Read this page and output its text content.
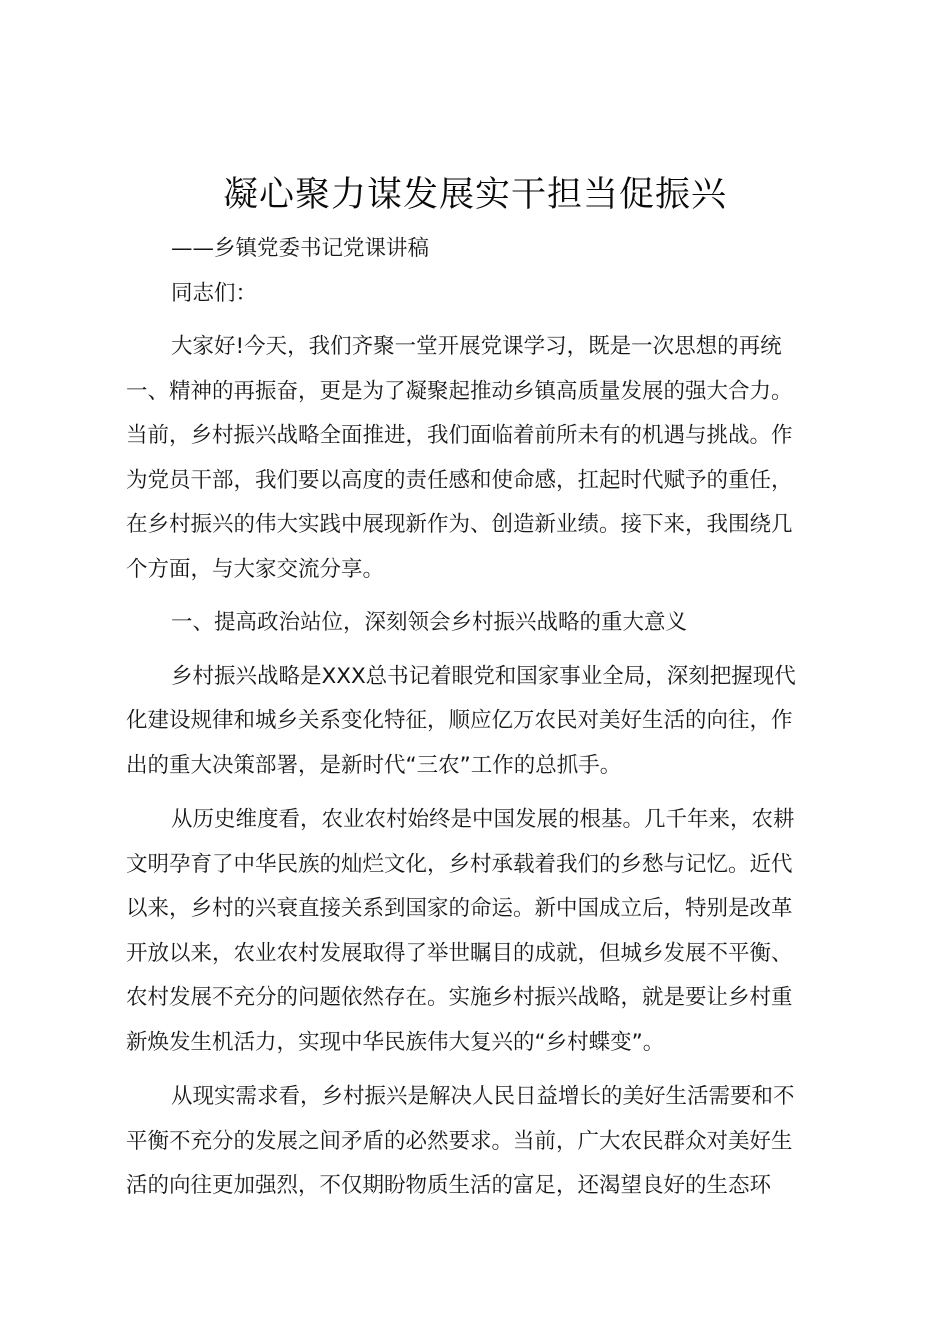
凝心聚力谋发展实干担当促振兴
——乡镇党委书记党课讲稿
同志们：
大家好!今天，我们齐聚一堂开展党课学习，既是一次思想的再统
一、精神的再振奋，更是为了凝聚起推动乡镇高质量发展的强大合力。
当前，乡村振兴战略全面推进，我们面临着前所未有的机遇与挑战。作
为党员干部，我们要以高度的责任感和使命感，扛起时代赋予的重任，
在乡村振兴的伟大实践中展现新作为、创造新业绩。接下来，我围绕几
个方面，与大家交流分享。
一、提高政治站位，深刻领会乡村振兴战略的重大意义
乡村振兴战略是XXX总书记着眼党和国家事业全局，深刻把握现代
化建设规律和城乡关系变化特征，顺应亿万农民对美好生活的向往，作
出的重大决策部署，是新时代“三农”工作的总抓手。
从历史维度看，农业农村始终是中国发展的根基。几千年来，农耕
文明孕育了中华民族的灿烂文化，乡村承载着我们的乡愁与记忆。近代
以来，乡村的兴衰直接关系到国家的命运。新中国成立后，特别是改革
开放以来，农业农村发展取得了举世瞩目的成就，但城乡发展不平衡、
农村发展不充分的问题依然存在。实施乡村振兴战略，就是要让乡村重
新焕发生机活力，实现中华民族伟大复兴的“乡村蝶变”。
从现实需求看，乡村振兴是解决人民日益增长的美好生活需要和不
平衡不充分的发展之间矛盾的必然要求。当前，广大农民群众对美好生
活的向往更加强烈，不仅期盼物质生活的富足，还渴望良好的生态环
